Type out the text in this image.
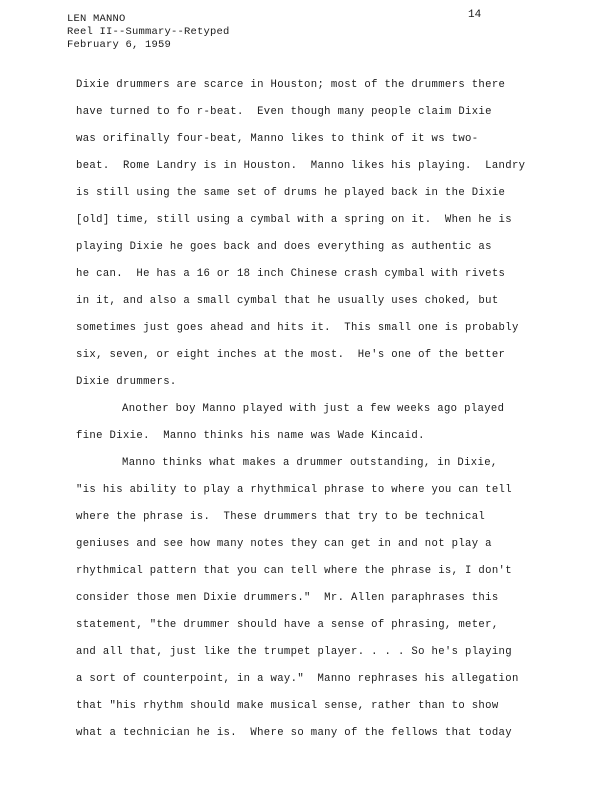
LEN MANNO
Reel II--Summary--Retyped
February 6, 1959
14
Dixie drummers are scarce in Houston; most of the drummers there
have turned to fo r-beat.  Even though many people claim Dixie
was orifinally four-beat, Manno likes to think of it ws two-
beat.  Rome Landry is in Houston.  Manno likes his playing.  Landry
is still using the same set of drums he played back in the Dixie
[old] time, still using a cymbal with a spring on it.  When he is
playing Dixie he goes back and does everything as authentic as
he can.  He has a 16 or 18 inch Chinese crash cymbal with rivets
in it, and also a small cymbal that he usually uses choked, but
sometimes just goes ahead and hits it.  This small one is probably
six, seven, or eight inches at the most.  He's one of the better
Dixie drummers.
Another boy Manno played with just a few weeks ago played
fine Dixie.  Manno thinks his name was Wade Kincaid.
Manno thinks what makes a drummer outstanding, in Dixie,
"is his ability to play a rhythmical phrase to where you can tell
where the phrase is.  These drummers that try to be technical
geniuses and see how many notes they can get in and not play a
rhythmical pattern that you can tell where the phrase is, I don't
consider those men Dixie drummers."  Mr. Allen paraphrases this
statement, "the drummer should have a sense of phrasing, meter,
and all that, just like the trumpet player. . . . So he's playing
a sort of counterpoint, in a way."  Manno rephrases his allegation
that "his rhythm should make musical sense, rather than to show
what a technician he is.  Where so many of the fellows that today
